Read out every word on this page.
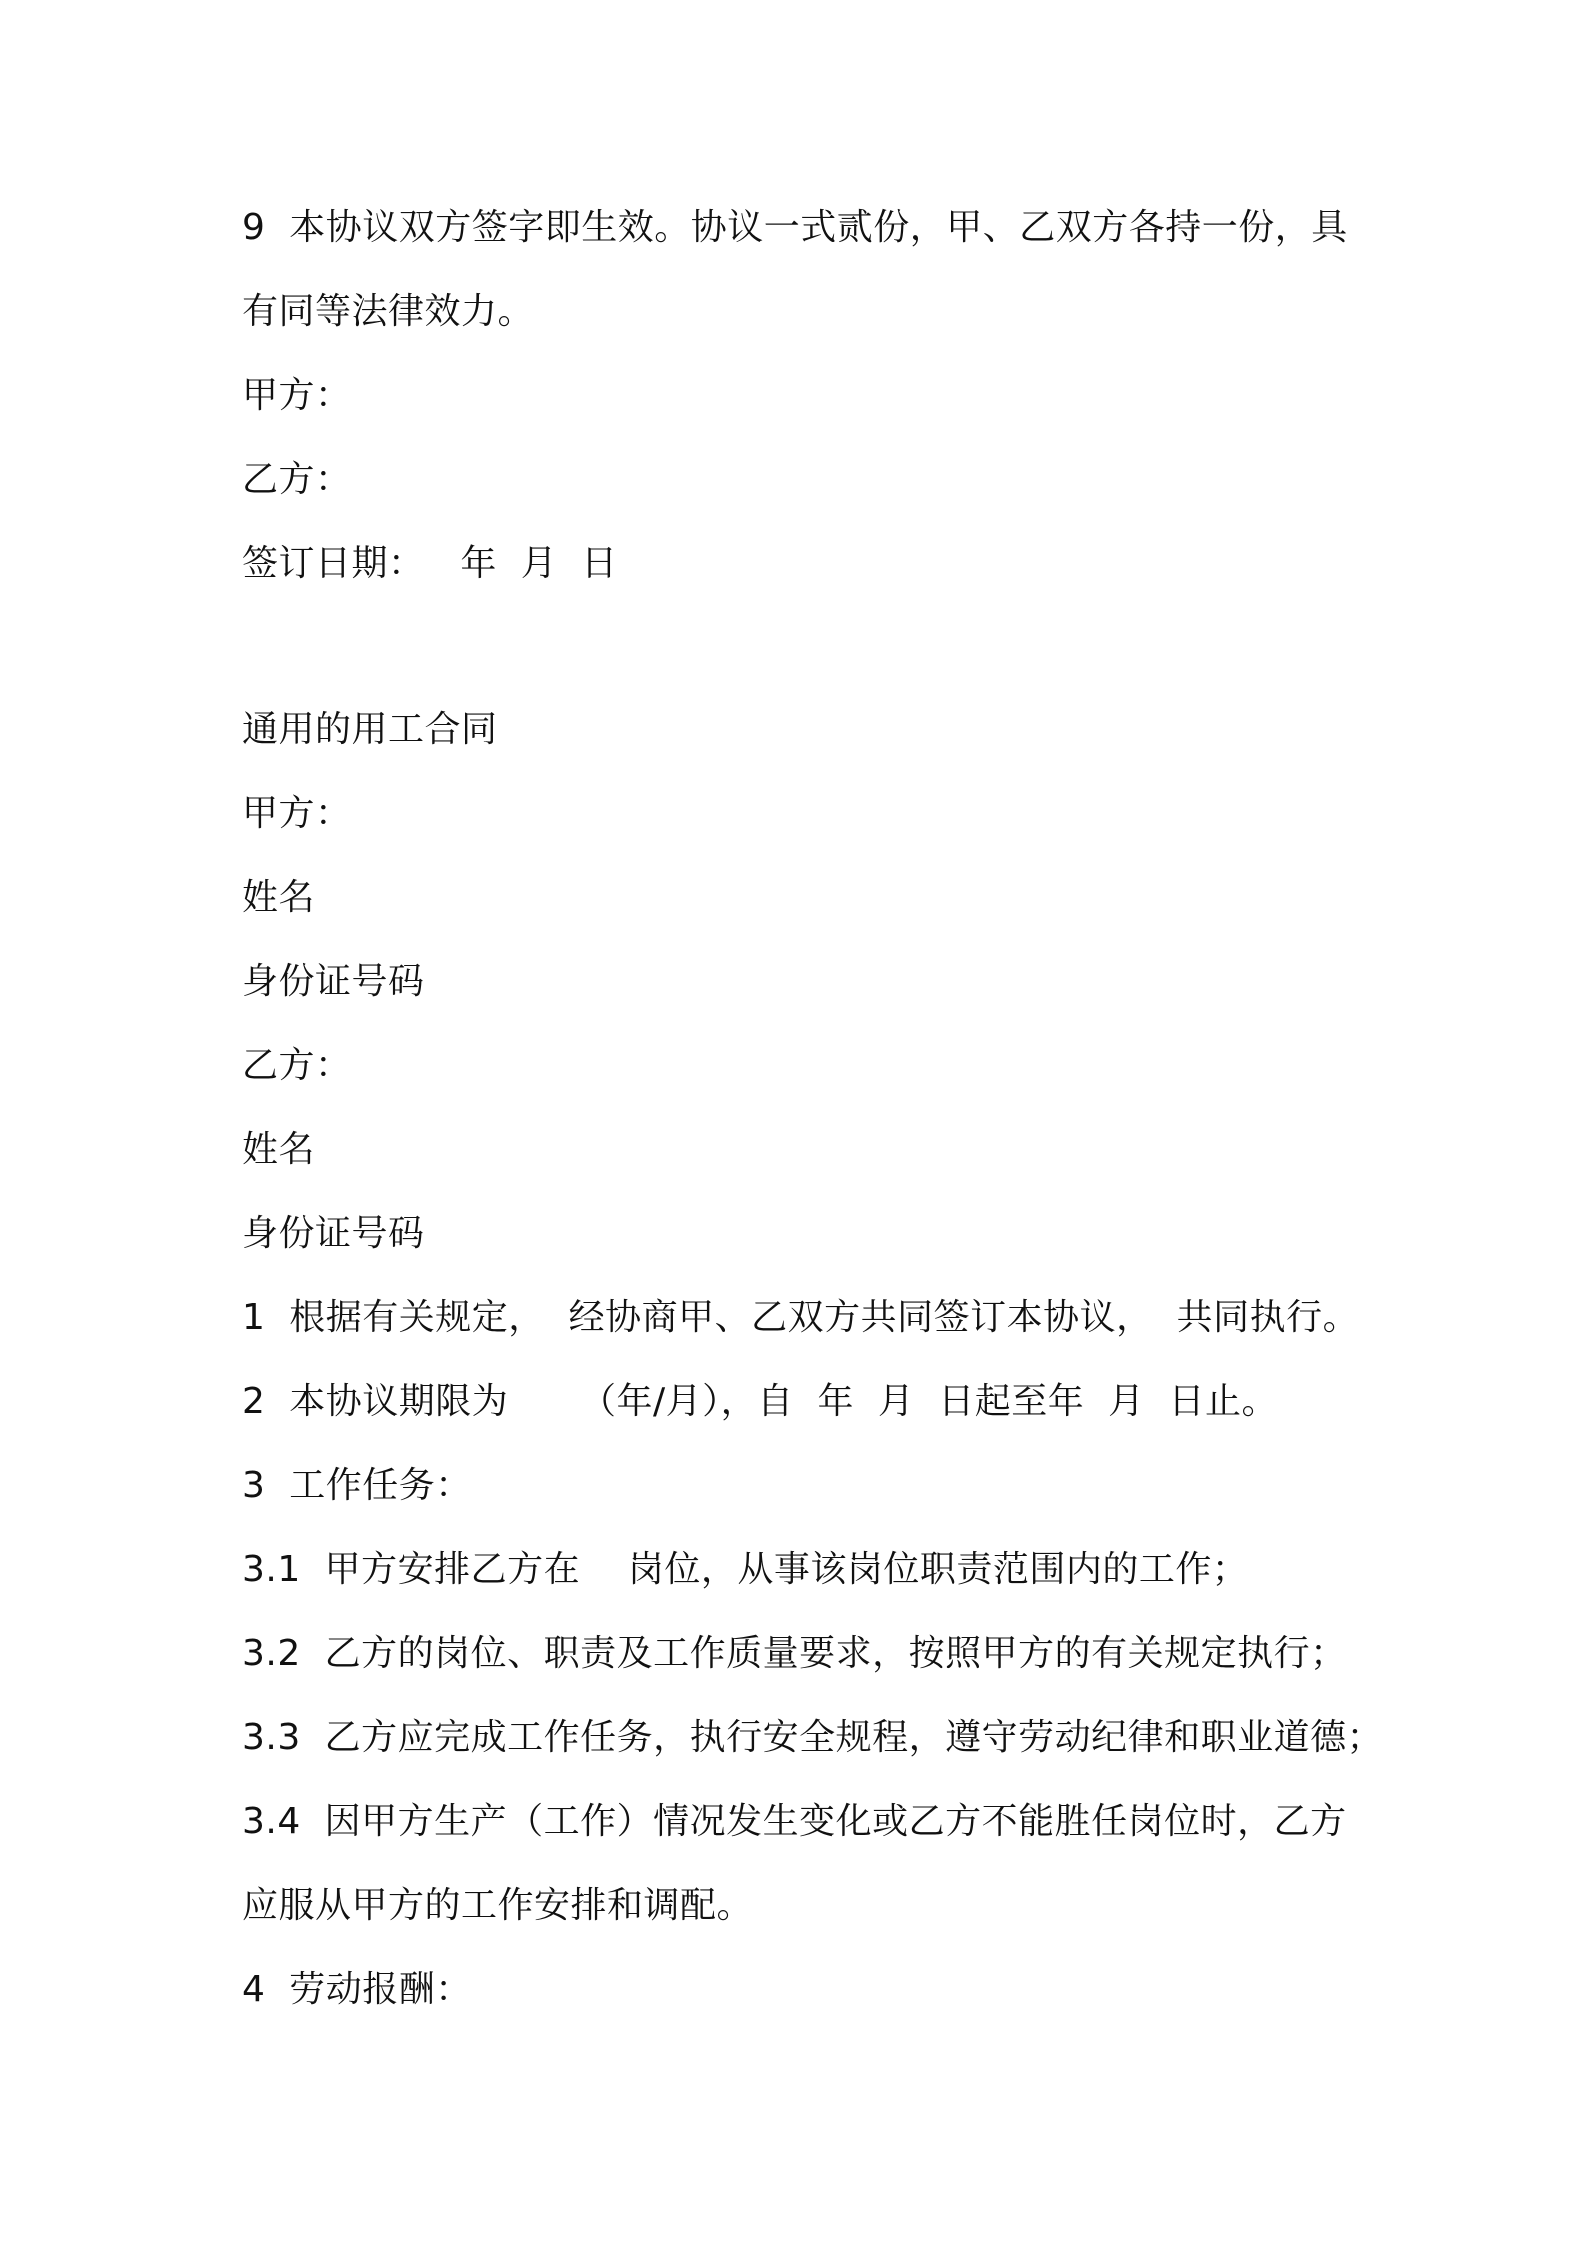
9  本协议双方签字即生效。协议一式贰份，甲、乙双方各持一份，具
有同等法律效力。
甲方：
乙方：
签订日期：   年  月  日
通用的用工合同
甲方：
姓名
身份证号码
乙方：
姓名
身份证号码
1  根据有关规定，  经协商甲、乙双方共同签订本协议，  共同执行。
2  本协议期限为      （年/月），自  年  月  日起至年  月  日止。
3  工作任务：
3.1  甲方安排乙方在    岗位，从事该岗位职责范围内的工作；
3.2  乙方的岗位、职责及工作质量要求，按照甲方的有关规定执行；
3.3  乙方应完成工作任务，执行安全规程，遵守劳动纪律和职业道德；
3.4  因甲方生产（工作）情况发生变化或乙方不能胜任岗位时，乙方
应服从甲方的工作安排和调配。
4  劳动报酬：
